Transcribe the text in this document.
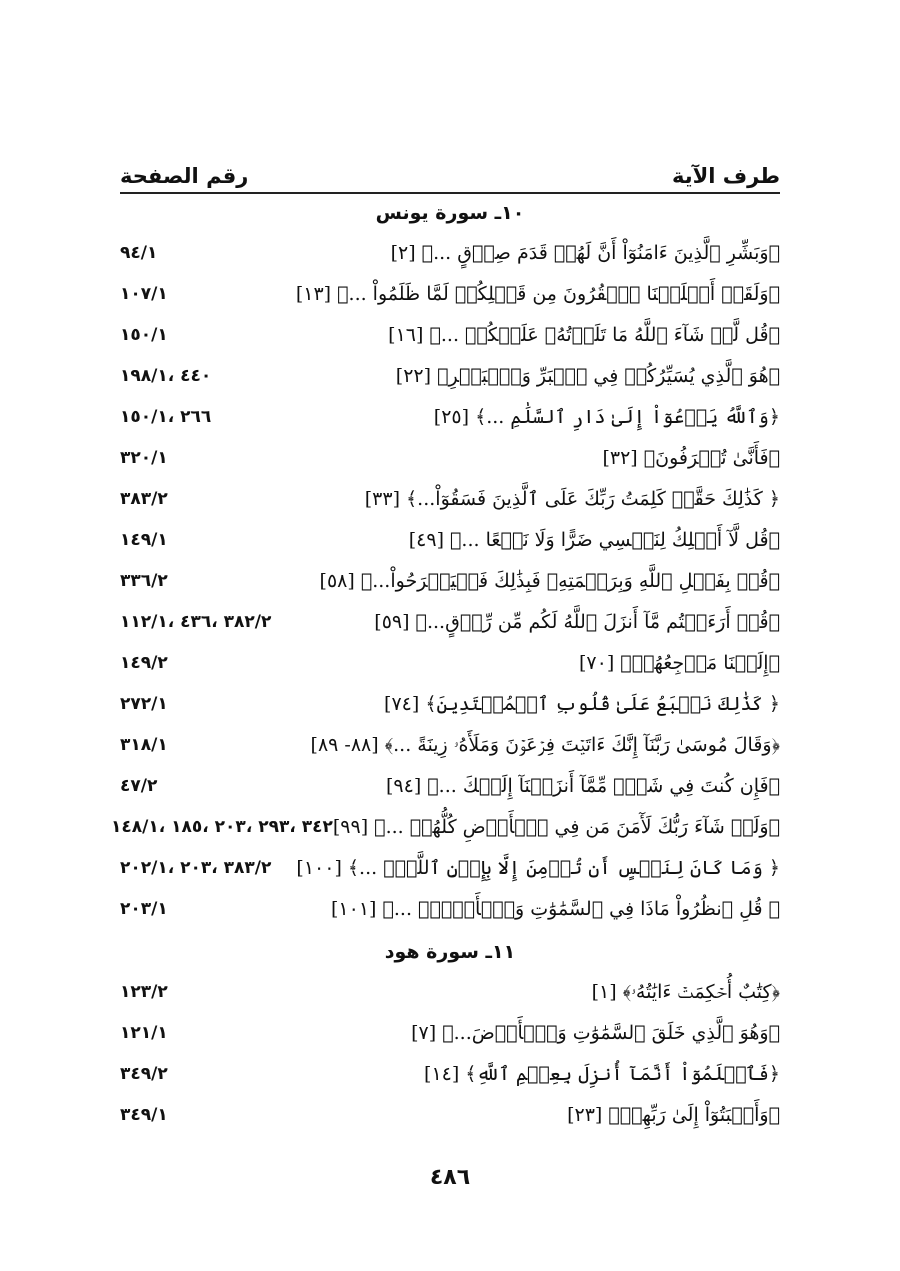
طرف الآية
رقم الصفحة
١٠ـ سورة يونس
﴿وَبَشِّرِ ٱلَّذِينَ ءَامَنُوٓاْ أَنَّ لَهُمۡ قَدَمَ صِدۡقٍ ...﴾ [٢]
٩٤/١
﴿وَلَقَدۡ أَهۡلَكۡنَا ٱلۡقُرُونَ مِن قَبۡلِكُمۡ لَمَّا ظَلَمُواْ ...﴾ [١٣]
١٠٧/١
﴿قُل لَّوۡ شَآءَ ٱللَّهُ مَا تَلَوۡتُهُۥ عَلَيۡكُمۡ ...﴾ [١٦]
١٥٠/١
﴿هُوَ ٱلَّذِي يُسَيِّرُكُمۡ فِي ٱلۡبَرِّ وَٱلۡبَحۡرِ﴾ [٢٢]
٤٤٠ ،١٩٨/١
﴿وَٱللَّهُ يَدۡعُوٓاْ إِلَىٰ دَارِ ٱلسَّلَٰمِ ...﴾ [٢٥]
٢٦٦ ،١٥٠/١
﴿فَأَنَّىٰ تُصۡرَفُونَ﴾ [٣٢]
٣٢٠/١
﴿ كَذَٰلِكَ حَقَّتۡ كَلِمَتُ رَبِّكَ عَلَى ٱلَّذِينَ فَسَقُوٓاْ...﴾ [٣٣]
٣٨٣/٢
﴿قُل لَّآ أَمۡلِكُ لِنَفۡسِي ضَرًّا وَلَا نَفۡعًا ...﴾ [٤٩]
١٤٩/١
﴿قُلۡ بِفَضۡلِ ٱللَّهِ وَبِرَحۡمَتِهِۦ فَبِذَٰلِكَ فَلۡيَفۡرَحُواْ...﴾ [٥٨]
٣٣٦/٢
﴿قُلۡ أَرَءَيۡتُم مَّآ أَنزَلَ ٱللَّهُ لَكُم مِّن رِّزۡقٍ...﴾ [٥٩]
٣٨٢/٢ ،٤٣٦ ،١١٢/١
﴿إِلَيۡنَا مَرۡجِعُهُمۡ﴾ [٧٠]
١٤٩/٢
﴿ كَذَٰلِكَ نَطۡبَعُ عَلَىٰ قُلُوبِ ٱلۡمُعۡتَدِينَ﴾ [٧٤]
٢٧٢/١
﴿وَقَالَ مُوسَىٰ رَبَّنَآ إِنَّكَ ءَاتَيۡتَ فِرۡعَوۡنَ وَمَلَأَهُۥ زِينَةً ...﴾ [٨٨- ٨٩]
٣١٨/١
﴿فَإِن كُنتَ فِي شَكّٖ مِّمَّآ أَنزَلۡنَآ إِلَيۡكَ ...﴾ [٩٤]
٤٧/٢
﴿وَلَوۡ شَآءَ رَبُّكَ لَأٓمَنَ مَن فِي ٱلۡأَرۡضِ كُلُّهُمۡ ...﴾ [٩٩]
٣٤٢ ،٢٩٣ ،٢٠٣ ،١٨٥ ،١٤٨/١
﴿ وَمَا كَانَ لِنَفۡسٍ أَن تُؤۡمِنَ إِلَّا بِإِذۡنِ ٱللَّهِۚ ...﴾ [١٠٠]
٣٨٣/٢ ،٢٠٣ ،٢٠٢/١
﴿ قُلِ ٱنظُرُواْ مَاذَا فِي ٱلسَّمَٰوَٰتِ وَٱلۡأَرۡضِۚ ...﴾ [١٠١]
٢٠٣/١
١١ـ سورة هود
﴿كِتَٰبٌ أُحۡكِمَتۡ ءَايَٰتُهُۥ﴾ [١]
١٢٣/٢
﴿وَهُوَ ٱلَّذِي خَلَقَ ٱلسَّمَٰوَٰتِ وَٱلۡأَرۡضَ...﴾ [٧]
١٢١/١
﴿فَٱعۡلَمُوٓاْ أَنَّمَآ أُنزِلَ بِعِلۡمِ ٱللَّهِ﴾ [١٤]
٣٤٩/٢
﴿وَأَخۡبَتُوٓاْ إِلَىٰ رَبِّهِمۡ﴾ [٢٣]
٣٤٩/١
٤٨٦
